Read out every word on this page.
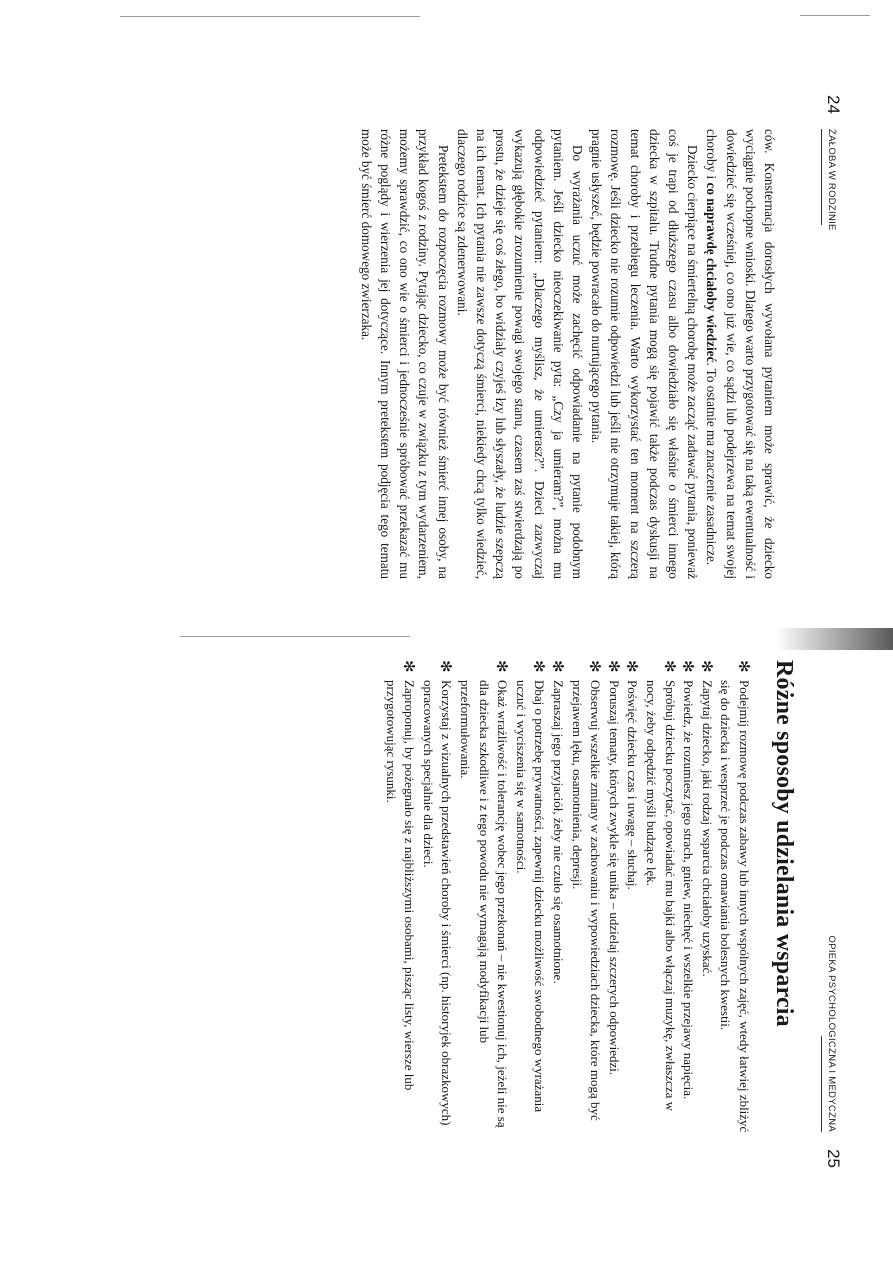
24
ŻAŁOBA W RODZINIE

ców. Konsternacja dorosłych wywołana pytaniem może sprawić, że dziecko wyciągnie pochopne wnioski. Dlatego warto przygotować się na taką ewentualność i dowiedzieć się wcześniej, co ono już wie, co sądzi lub podejrzewa na temat swojej choroby i co naprawdę chciałoby wiedzieć. To ostatnie ma znaczenie zasadnicze.

Dziecko cierpiące na śmiertelną chorobę może zacząć zadawać pytania, ponieważ coś je trapi od dłuższego czasu albo dowiedziało się właśnie o śmierci innego dziecka w szpitalu. Trudne pytania mogą się pojawić także podczas dyskusji na temat choroby i przebiegu leczenia. Warto wykorzystać ten moment na szczerą rozmowę. Jeśli dziecko nie rozumie odpowiedzi lub jeśli nie otrzymuje takiej, którą pragnie usłyszeć, będzie powracało do nurtującego pytania.

Do wyrażania uczuć może zachęcić odpowiadanie na pytanie podobnym pytaniem. Jeśli dziecko nieoczekiwanie pyta: „Czy ja umieram?”, można mu odpowiedzieć pytaniem: „Dlaczego myślisz, że umierasz?”. Dzieci zazwyczaj wykazują głębokie zrozumienie powagi swojego stanu, czasem zaś stwierdzają po prostu, że dzieje się coś złego, bo widziały czyjeś łzy lub słyszały, że ludzie szepczą na ich temat. Ich pytania nie zawsze dotyczą śmierci, niekiedy chcą tylko wiedzieć, dlaczego rodzice są zdenerwowani.

Pretekstem do rozpoczęcia rozmowy może być również śmierć innej osoby, na przykład kogoś z rodziny. Pytając dziecko, co czuje w związku z tym wydarzeniem, możemy sprawdzić, co ono wie o śmierci i jednocześnie spróbować przekazać mu różne poglądy i wierzenia jej dotyczące. Innym pretekstem podjęcia tego tematu może być śmierć domowego zwierzaka.

OPIEKA PSYCHOLOGICZNA I MEDYCZNA
25
Różne sposoby udzielania wsparcia
✻
Podejmij rozmowę podczas zabawy lub innych wspólnych zajęć, wtedy łatwiej zbliżyć się do dziecka i wesprzeć je podczas omawiania bolesnych kwestii.
✻
Zapytaj dziecko, jaki rodzaj wsparcia chciałoby uzyskać.
✻
Powiedz, że rozumiesz jego strach, gniew, niechęć i wszelkie przejawy napięcia.
✻
Spróbuj dziecku poczytać, opowiadać mu bajki albo włączaj muzykę, zwłaszcza w nocy, żeby odpędzić myśli budzące lęk.
✻
Poświęć dziecku czas i uwagę – słuchaj.
✻
Poruszaj tematy, których zwykle się unika – udzielaj szczerych odpowiedzi.
✻
Obserwuj wszelkie zmiany w zachowaniu i wypowiedziach dziecka, które mogą być przejawem lęku, osamotnienia, depresji.
✻
Zapraszaj jego przyjaciół, żeby nie czuło się osamotnione.
✻
Dbaj o potrzebę prywatności, zapewnij dziecku możliwość swobodnego wyrażania uczuć i wyciszenia się w samotności.
✻
Okaż wrażliwość i tolerancję wobec jego przekonań – nie kwestionuj ich, jeżeli nie są dla dziecka szkodliwe i z tego powodu nie wymagają modyfikacji lub przeformułowania.
✻
Korzystaj z wizualnych przedstawień choroby i śmierci (np. historyjek obrazkowych) opracowanych specjalnie dla dzieci.
✻
Zaproponuj, by pożegnało się z najbliższymi osobami, pisząc listy, wiersze lub przygotowując rysunki.
